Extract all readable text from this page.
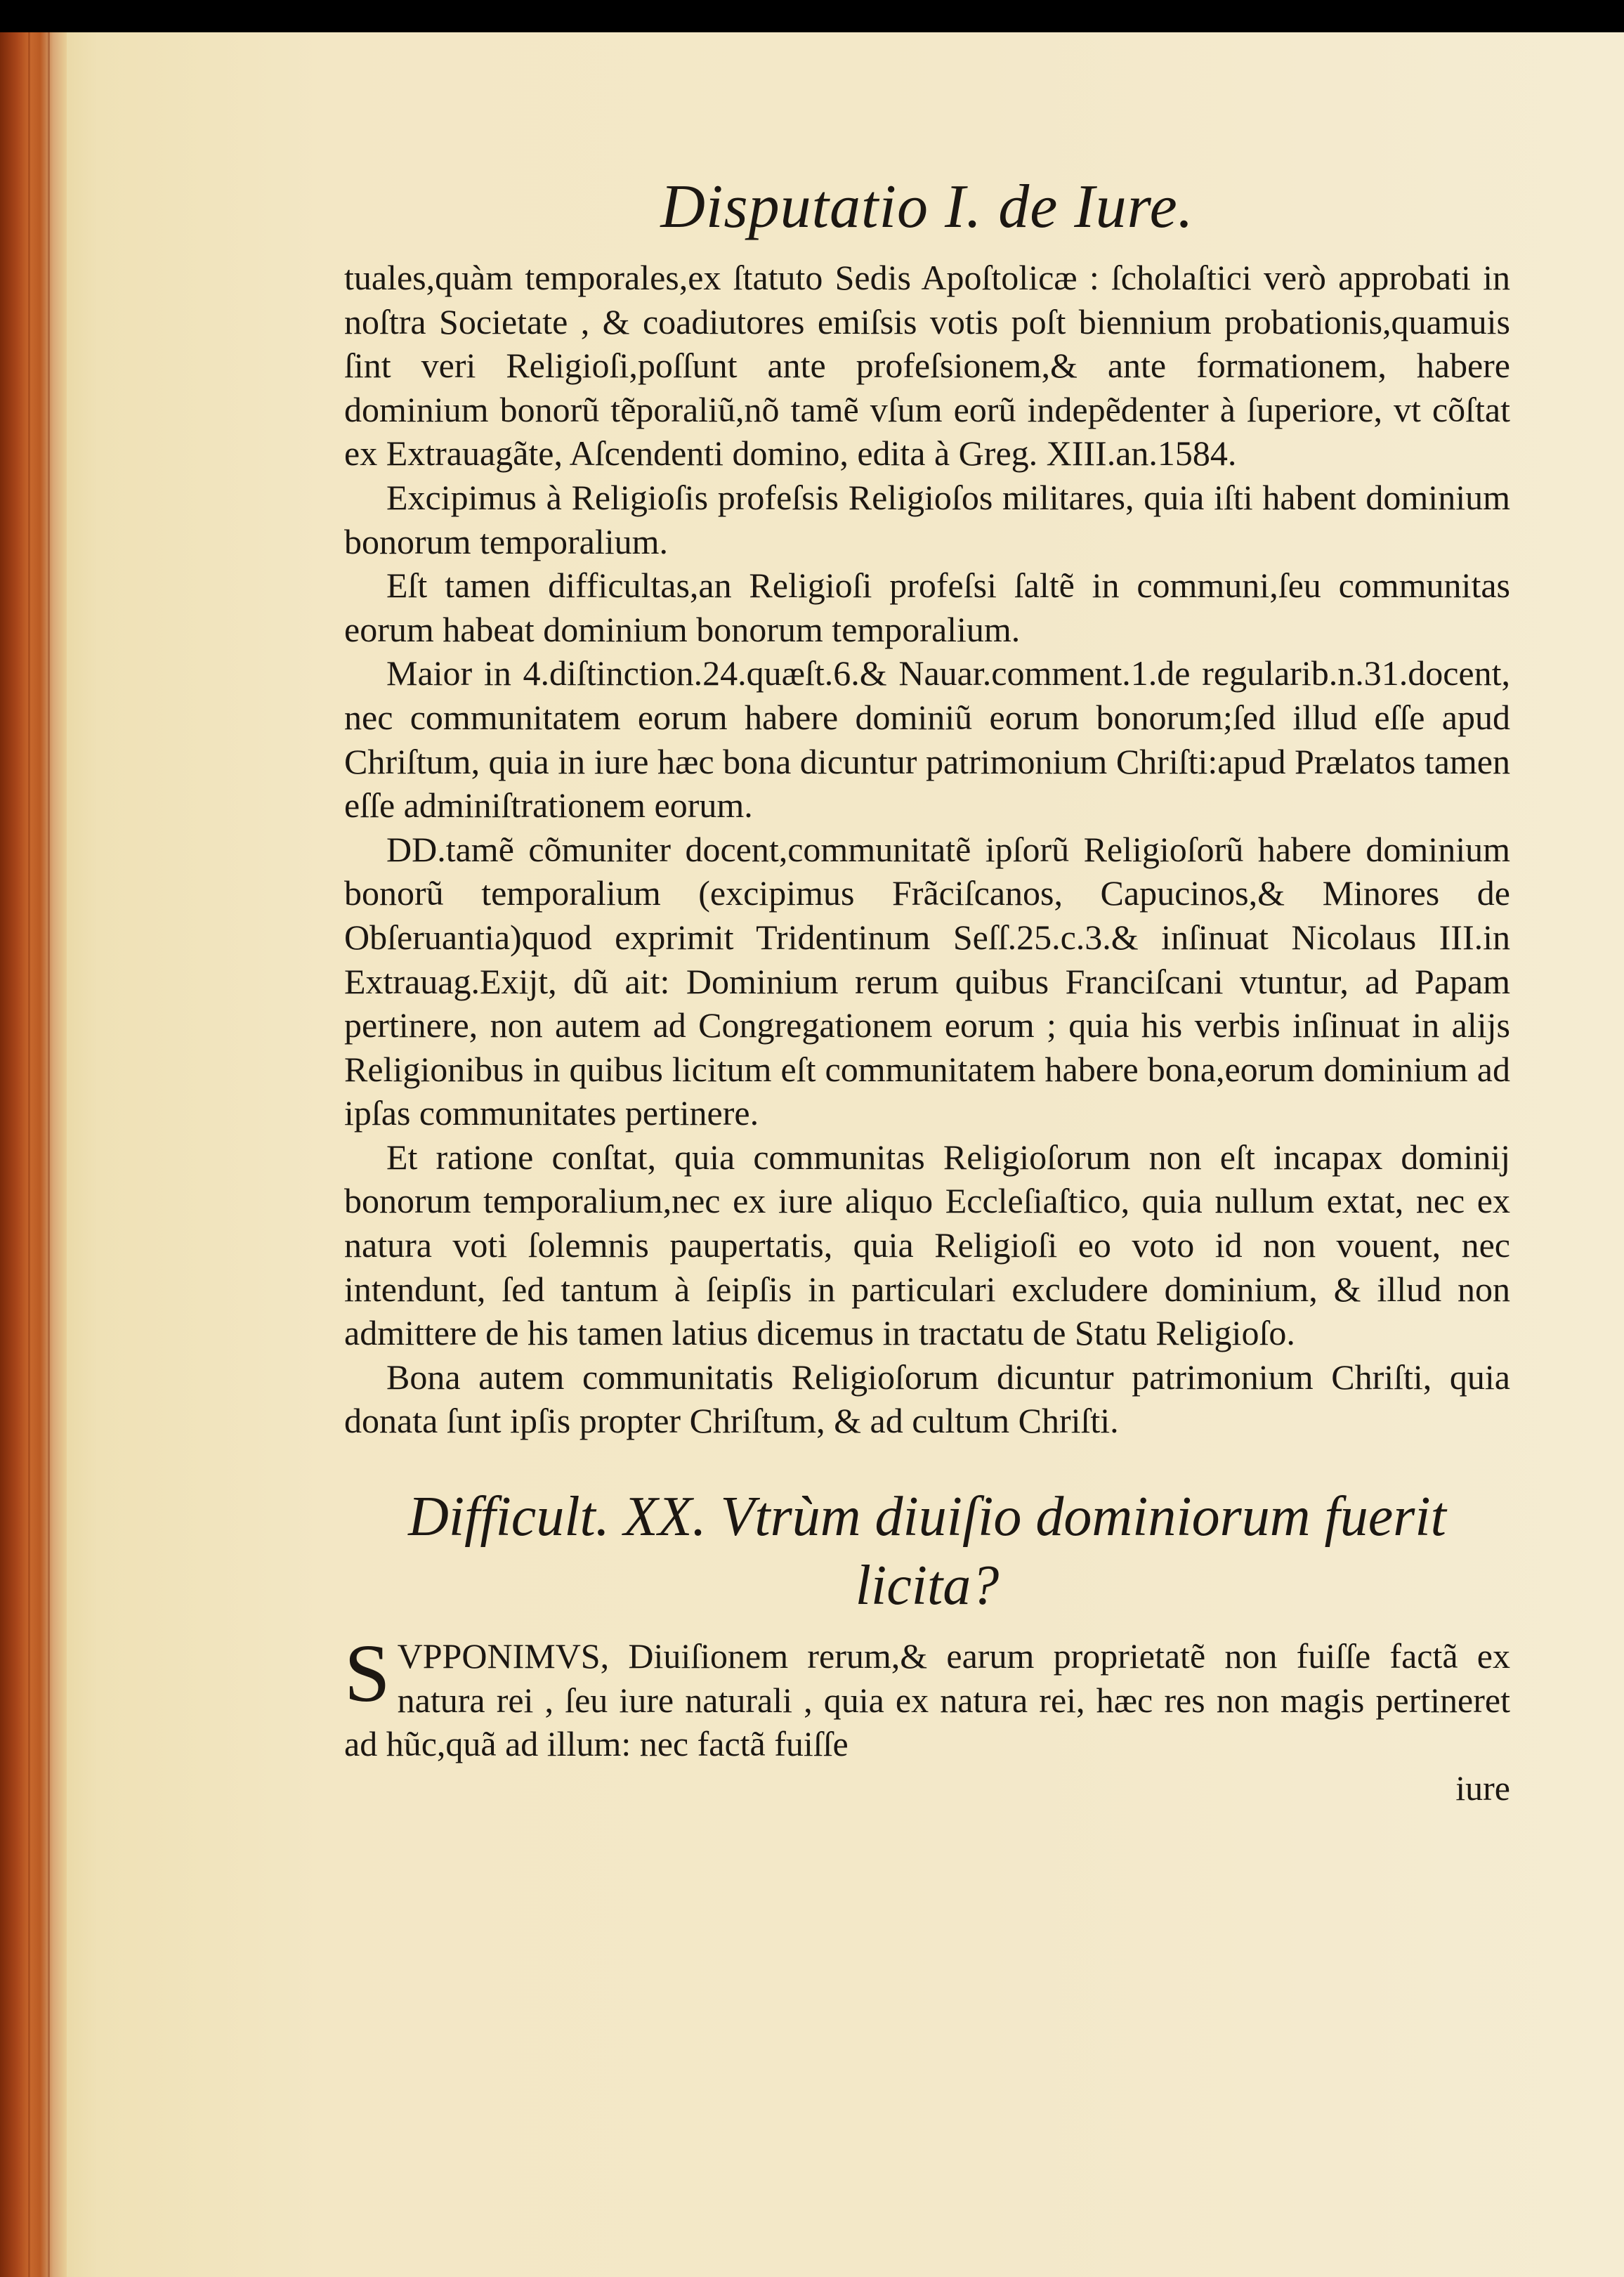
Disputatio I. de Iure.

tuales,quàm temporales,ex ſtatuto Sedis Apoſtolicæ : ſcholaſtici verò approbati in noſtra Societate , & coadiutores emiſsis votis poſt biennium probationis,quamuis ſint veri Religioſi,poſſunt ante profeſsionem,& ante formationem, habere dominium bonorũ tẽporaliũ,nõ tamẽ vſum eorũ indepẽdenter à ſuperiore, vt cõſtat ex Extrauagãte, Aſcendenti domino, edita à Greg. XIII.an.1584.

Excipimus à Religioſis profeſsis Religioſos militares, quia iſti habent dominium bonorum temporalium.

Eſt tamen difficultas,an Religioſi profeſsi ſaltẽ in communi,ſeu communitas eorum habeat dominium bonorum temporalium.

Maior in 4.diſtinction.24.quæſt.6.& Nauar.comment.1.de regularib.n.31.docent, nec communitatem eorum habere dominiũ eorum bonorum;ſed illud eſſe apud Chriſtum, quia in iure hæc bona dicuntur patrimonium Chriſti:apud Prælatos tamen eſſe adminiſtrationem eorum.

DD.tamẽ cõmuniter docent,communitatẽ ipſorũ Religioſorũ habere dominium bonorũ temporalium (excipimus Frãciſcanos, Capucinos,& Minores de Obſeruantia)quod exprimit Tridentinum Seſſ.25.c.3.& inſinuat Nicolaus III.in Extrauag.Exijt, dũ ait: Dominium rerum quibus Franciſcani vtuntur, ad Papam pertinere, non autem ad Congregationem eorum ; quia his verbis inſinuat in alijs Religionibus in quibus licitum eſt communitatem habere bona,eorum dominium ad ipſas communitates pertinere.

Et ratione conſtat, quia communitas Religioſorum non eſt incapax dominij bonorum temporalium,nec ex iure aliquo Eccleſiaſtico, quia nullum extat, nec ex natura voti ſolemnis paupertatis, quia Religioſi eo voto id non vouent, nec intendunt, ſed tantum à ſeipſis in particulari excludere dominium, & illud non admittere de his tamen latius dicemus in tractatu de Statu Religioſo.

Bona autem communitatis Religioſorum dicuntur patrimonium Chriſti, quia donata ſunt ipſis propter Chriſtum, & ad cultum Chriſti.

Difficult. XX. Vtrùm diuiſio dominiorum fuerit licita?

SVPPONIMVS, Diuiſionem rerum,& earum proprietatẽ non fuiſſe factã ex natura rei , ſeu iure naturali , quia ex natura rei, hæc res non magis pertineret ad hũc,quã ad illum: nec factã fuiſſe

iure
